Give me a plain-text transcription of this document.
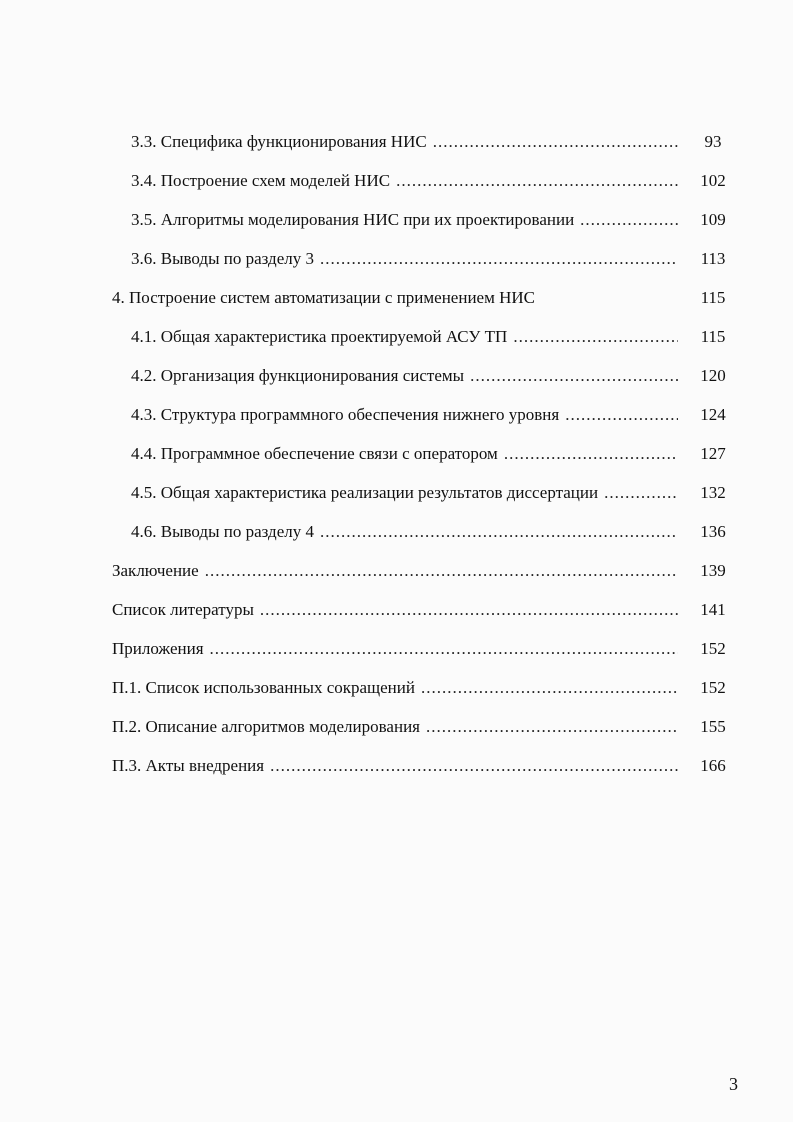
3.3. Специфика функционирования НИС .....	93
3.4. Построение схем моделей НИС .....	102
3.5. Алгоритмы моделирования НИС при их проектировании .....	109
3.6. Выводы по разделу 3 .....	113
4. Построение систем автоматизации с применением НИС	115
4.1. Общая характеристика проектируемой АСУ ТП .....	115
4.2. Организация функционирования системы .....	120
4.3. Структура программного обеспечения нижнего уровня .....	124
4.4. Программное обеспечение связи с оператором .....	127
4.5. Общая характеристика реализации результатов диссертации .....	132
4.6. Выводы по разделу 4 .....	136
Заключение .....	139
Список литературы .....	141
Приложения .....	152
П.1. Список использованных сокращений .....	152
П.2. Описание алгоритмов моделирования .....	155
П.3. Акты внедрения .....	166
3
